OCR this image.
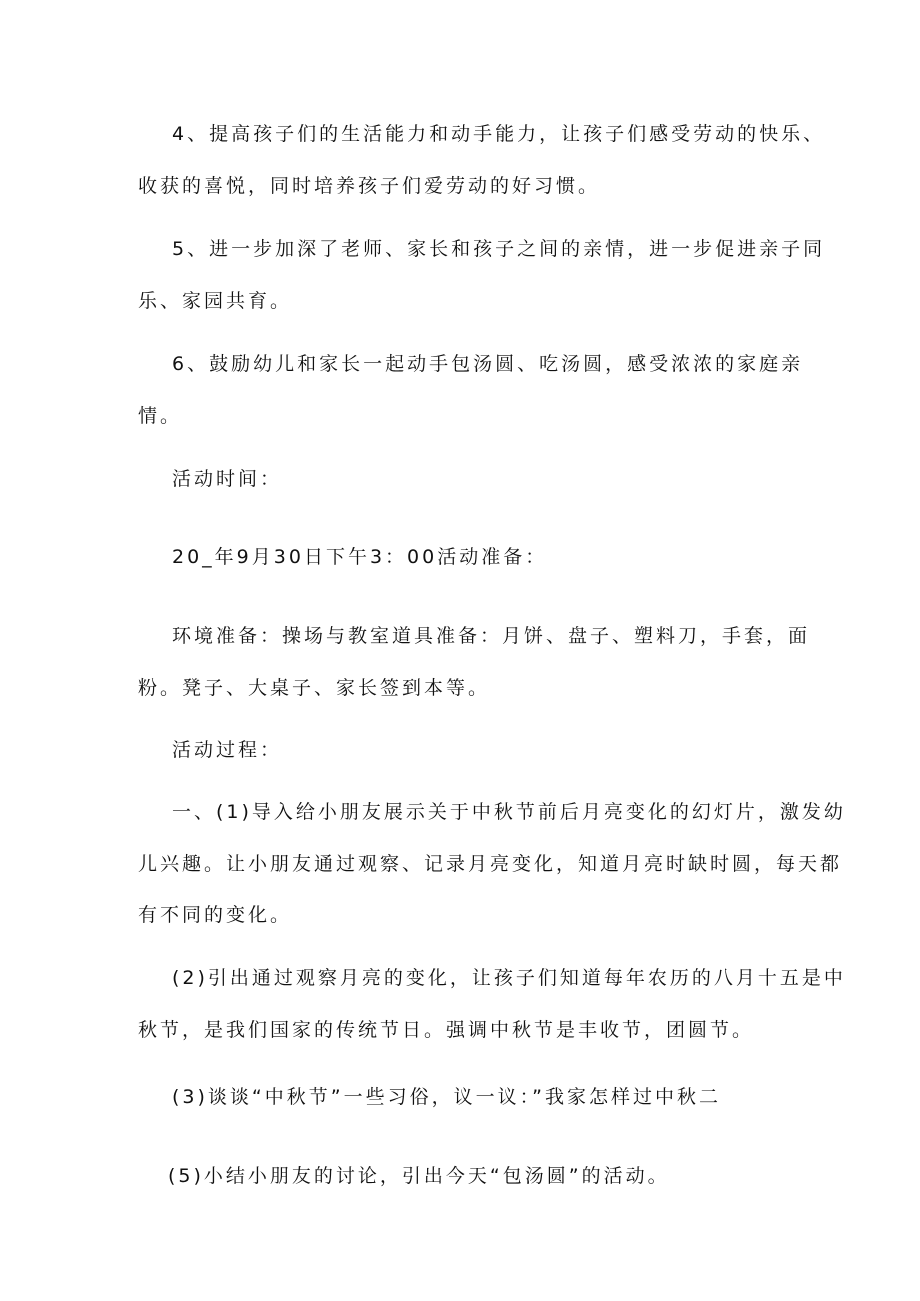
4、提高孩子们的生活能力和动手能力，让孩子们感受劳动的快乐、
收获的喜悦，同时培养孩子们爱劳动的好习惯。
5、进一步加深了老师、家长和孩子之间的亲情，进一步促进亲子同
乐、家园共育。
6、鼓励幼儿和家长一起动手包汤圆、吃汤圆，感受浓浓的家庭亲
情。
活动时间：
20_年9月30日下午3：00活动准备：
环境准备：操场与教室道具准备：月饼、盘子、塑料刀，手套，面
粉。凳子、大桌子、家长签到本等。
活动过程：
一、(1)导入给小朋友展示关于中秋节前后月亮变化的幻灯片，激发幼
儿兴趣。让小朋友通过观察、记录月亮变化，知道月亮时缺时圆，每天都
有不同的变化。
(2)引出通过观察月亮的变化，让孩子们知道每年农历的八月十五是中
秋节，是我们国家的传统节日。强调中秋节是丰收节，团圆节。
(3)谈谈“中秋节”一些习俗，议一议：”我家怎样过中秋二
(5)小结小朋友的讨论，引出今天“包汤圆”的活动。
